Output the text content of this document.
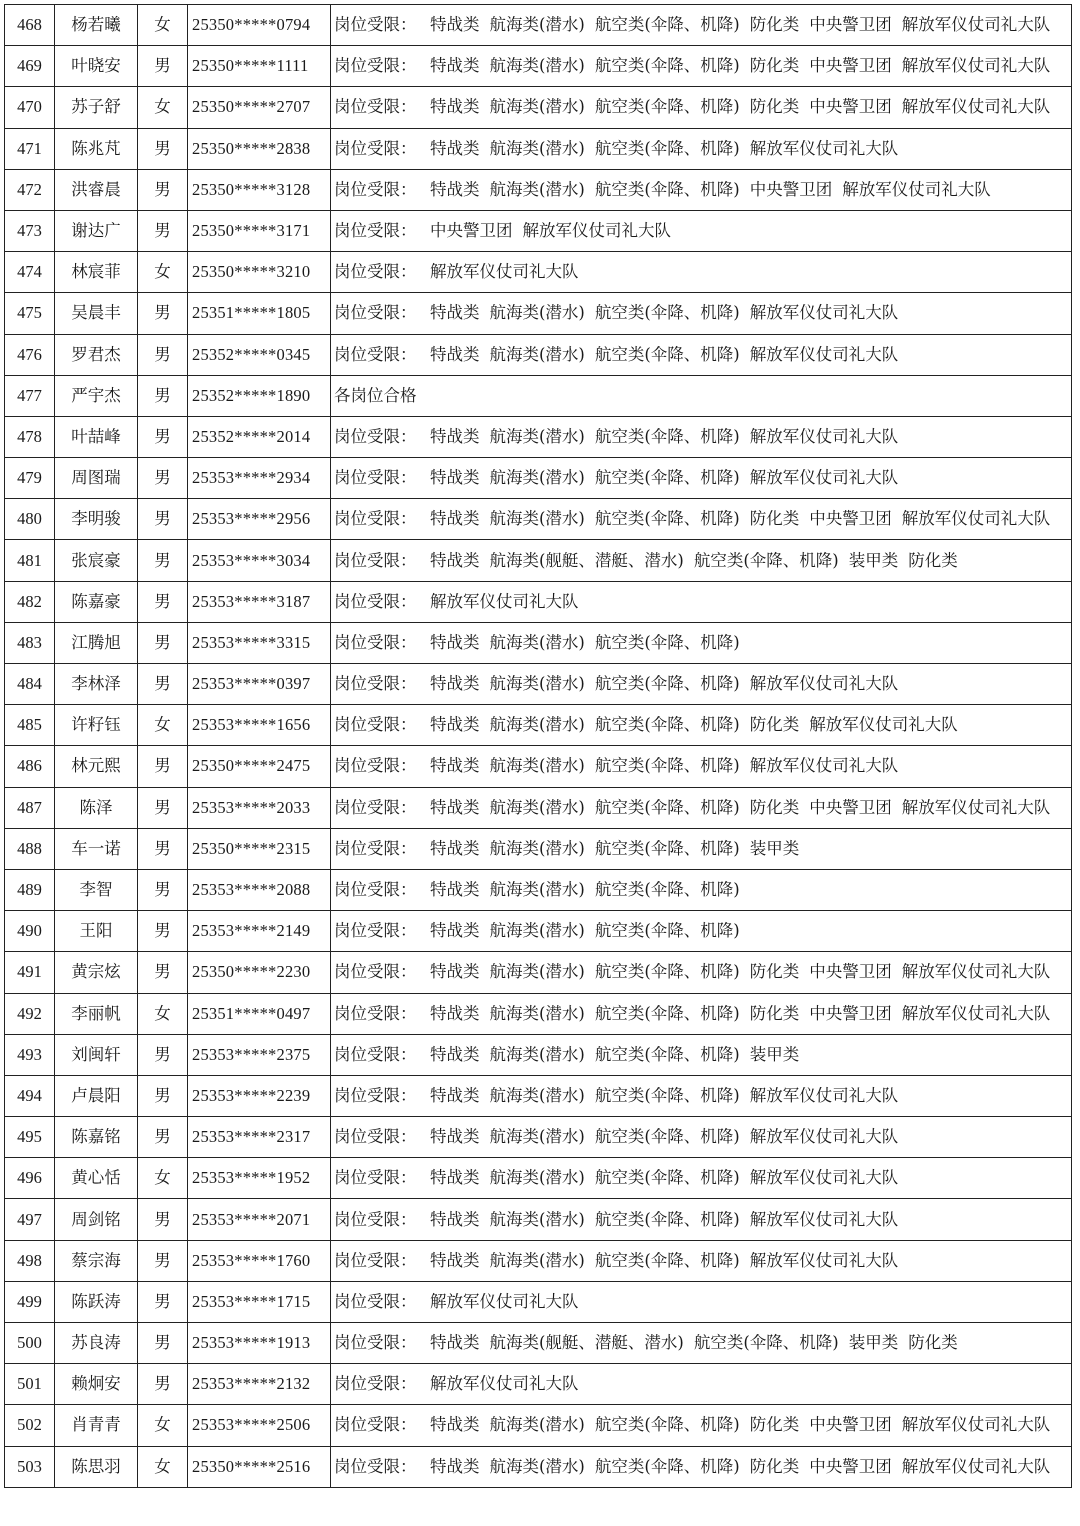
468	杨若曦	女	25350*****0794	岗位受限： 特战类 航海类(潜水) 航空类(伞降、机降) 防化类 中央警卫团 解放军仪仗司礼大队
469	叶晓安	男	25350*****1111	岗位受限： 特战类 航海类(潜水) 航空类(伞降、机降) 防化类 中央警卫团 解放军仪仗司礼大队
470	苏子舒	女	25350*****2707	岗位受限： 特战类 航海类(潜水) 航空类(伞降、机降) 防化类 中央警卫团 解放军仪仗司礼大队
471	陈兆芃	男	25350*****2838	岗位受限： 特战类 航海类(潜水) 航空类(伞降、机降) 解放军仪仗司礼大队
472	洪睿晨	男	25350*****3128	岗位受限： 特战类 航海类(潜水) 航空类(伞降、机降) 中央警卫团 解放军仪仗司礼大队
473	谢达广	男	25350*****3171	岗位受限： 中央警卫团 解放军仪仗司礼大队
474	林宸菲	女	25350*****3210	岗位受限： 解放军仪仗司礼大队
475	吴晨丰	男	25351*****1805	岗位受限： 特战类 航海类(潜水) 航空类(伞降、机降) 解放军仪仗司礼大队
476	罗君杰	男	25352*****0345	岗位受限： 特战类 航海类(潜水) 航空类(伞降、机降) 解放军仪仗司礼大队
477	严宇杰	男	25352*****1890	各岗位合格
478	叶喆峰	男	25352*****2014	岗位受限： 特战类 航海类(潜水) 航空类(伞降、机降) 解放军仪仗司礼大队
479	周图瑞	男	25353*****2934	岗位受限： 特战类 航海类(潜水) 航空类(伞降、机降) 解放军仪仗司礼大队
480	李明骏	男	25353*****2956	岗位受限： 特战类 航海类(潜水) 航空类(伞降、机降) 防化类 中央警卫团 解放军仪仗司礼大队
481	张宸豪	男	25353*****3034	岗位受限： 特战类 航海类(舰艇、潜艇、潜水) 航空类(伞降、机降) 装甲类 防化类
482	陈嘉豪	男	25353*****3187	岗位受限： 解放军仪仗司礼大队
483	江腾旭	男	25353*****3315	岗位受限： 特战类 航海类(潜水) 航空类(伞降、机降)
484	李林泽	男	25353*****0397	岗位受限： 特战类 航海类(潜水) 航空类(伞降、机降) 解放军仪仗司礼大队
485	许籽钰	女	25353*****1656	岗位受限： 特战类 航海类(潜水) 航空类(伞降、机降) 防化类 解放军仪仗司礼大队
486	林元熙	男	25350*****2475	岗位受限： 特战类 航海类(潜水) 航空类(伞降、机降) 解放军仪仗司礼大队
487	陈泽	男	25353*****2033	岗位受限： 特战类 航海类(潜水) 航空类(伞降、机降) 防化类 中央警卫团 解放军仪仗司礼大队
488	车一诺	男	25350*****2315	岗位受限： 特战类 航海类(潜水) 航空类(伞降、机降) 装甲类
489	李智	男	25353*****2088	岗位受限： 特战类 航海类(潜水) 航空类(伞降、机降)
490	王阳	男	25353*****2149	岗位受限： 特战类 航海类(潜水) 航空类(伞降、机降)
491	黄宗炫	男	25350*****2230	岗位受限： 特战类 航海类(潜水) 航空类(伞降、机降) 防化类 中央警卫团 解放军仪仗司礼大队
492	李丽帆	女	25351*****0497	岗位受限： 特战类 航海类(潜水) 航空类(伞降、机降) 防化类 中央警卫团 解放军仪仗司礼大队
493	刘闽轩	男	25353*****2375	岗位受限： 特战类 航海类(潜水) 航空类(伞降、机降) 装甲类
494	卢晨阳	男	25353*****2239	岗位受限： 特战类 航海类(潜水) 航空类(伞降、机降) 解放军仪仗司礼大队
495	陈嘉铭	男	25353*****2317	岗位受限： 特战类 航海类(潜水) 航空类(伞降、机降) 解放军仪仗司礼大队
496	黄心恬	女	25353*****1952	岗位受限： 特战类 航海类(潜水) 航空类(伞降、机降) 解放军仪仗司礼大队
497	周剑铭	男	25353*****2071	岗位受限： 特战类 航海类(潜水) 航空类(伞降、机降) 解放军仪仗司礼大队
498	蔡宗海	男	25353*****1760	岗位受限： 特战类 航海类(潜水) 航空类(伞降、机降) 解放军仪仗司礼大队
499	陈跃涛	男	25353*****1715	岗位受限： 解放军仪仗司礼大队
500	苏良涛	男	25353*****1913	岗位受限： 特战类 航海类(舰艇、潜艇、潜水) 航空类(伞降、机降) 装甲类 防化类
501	赖炯安	男	25353*****2132	岗位受限： 解放军仪仗司礼大队
502	肖青青	女	25353*****2506	岗位受限： 特战类 航海类(潜水) 航空类(伞降、机降) 防化类 中央警卫团 解放军仪仗司礼大队
503	陈思羽	女	25350*****2516	岗位受限： 特战类 航海类(潜水) 航空类(伞降、机降) 防化类 中央警卫团 解放军仪仗司礼大队
